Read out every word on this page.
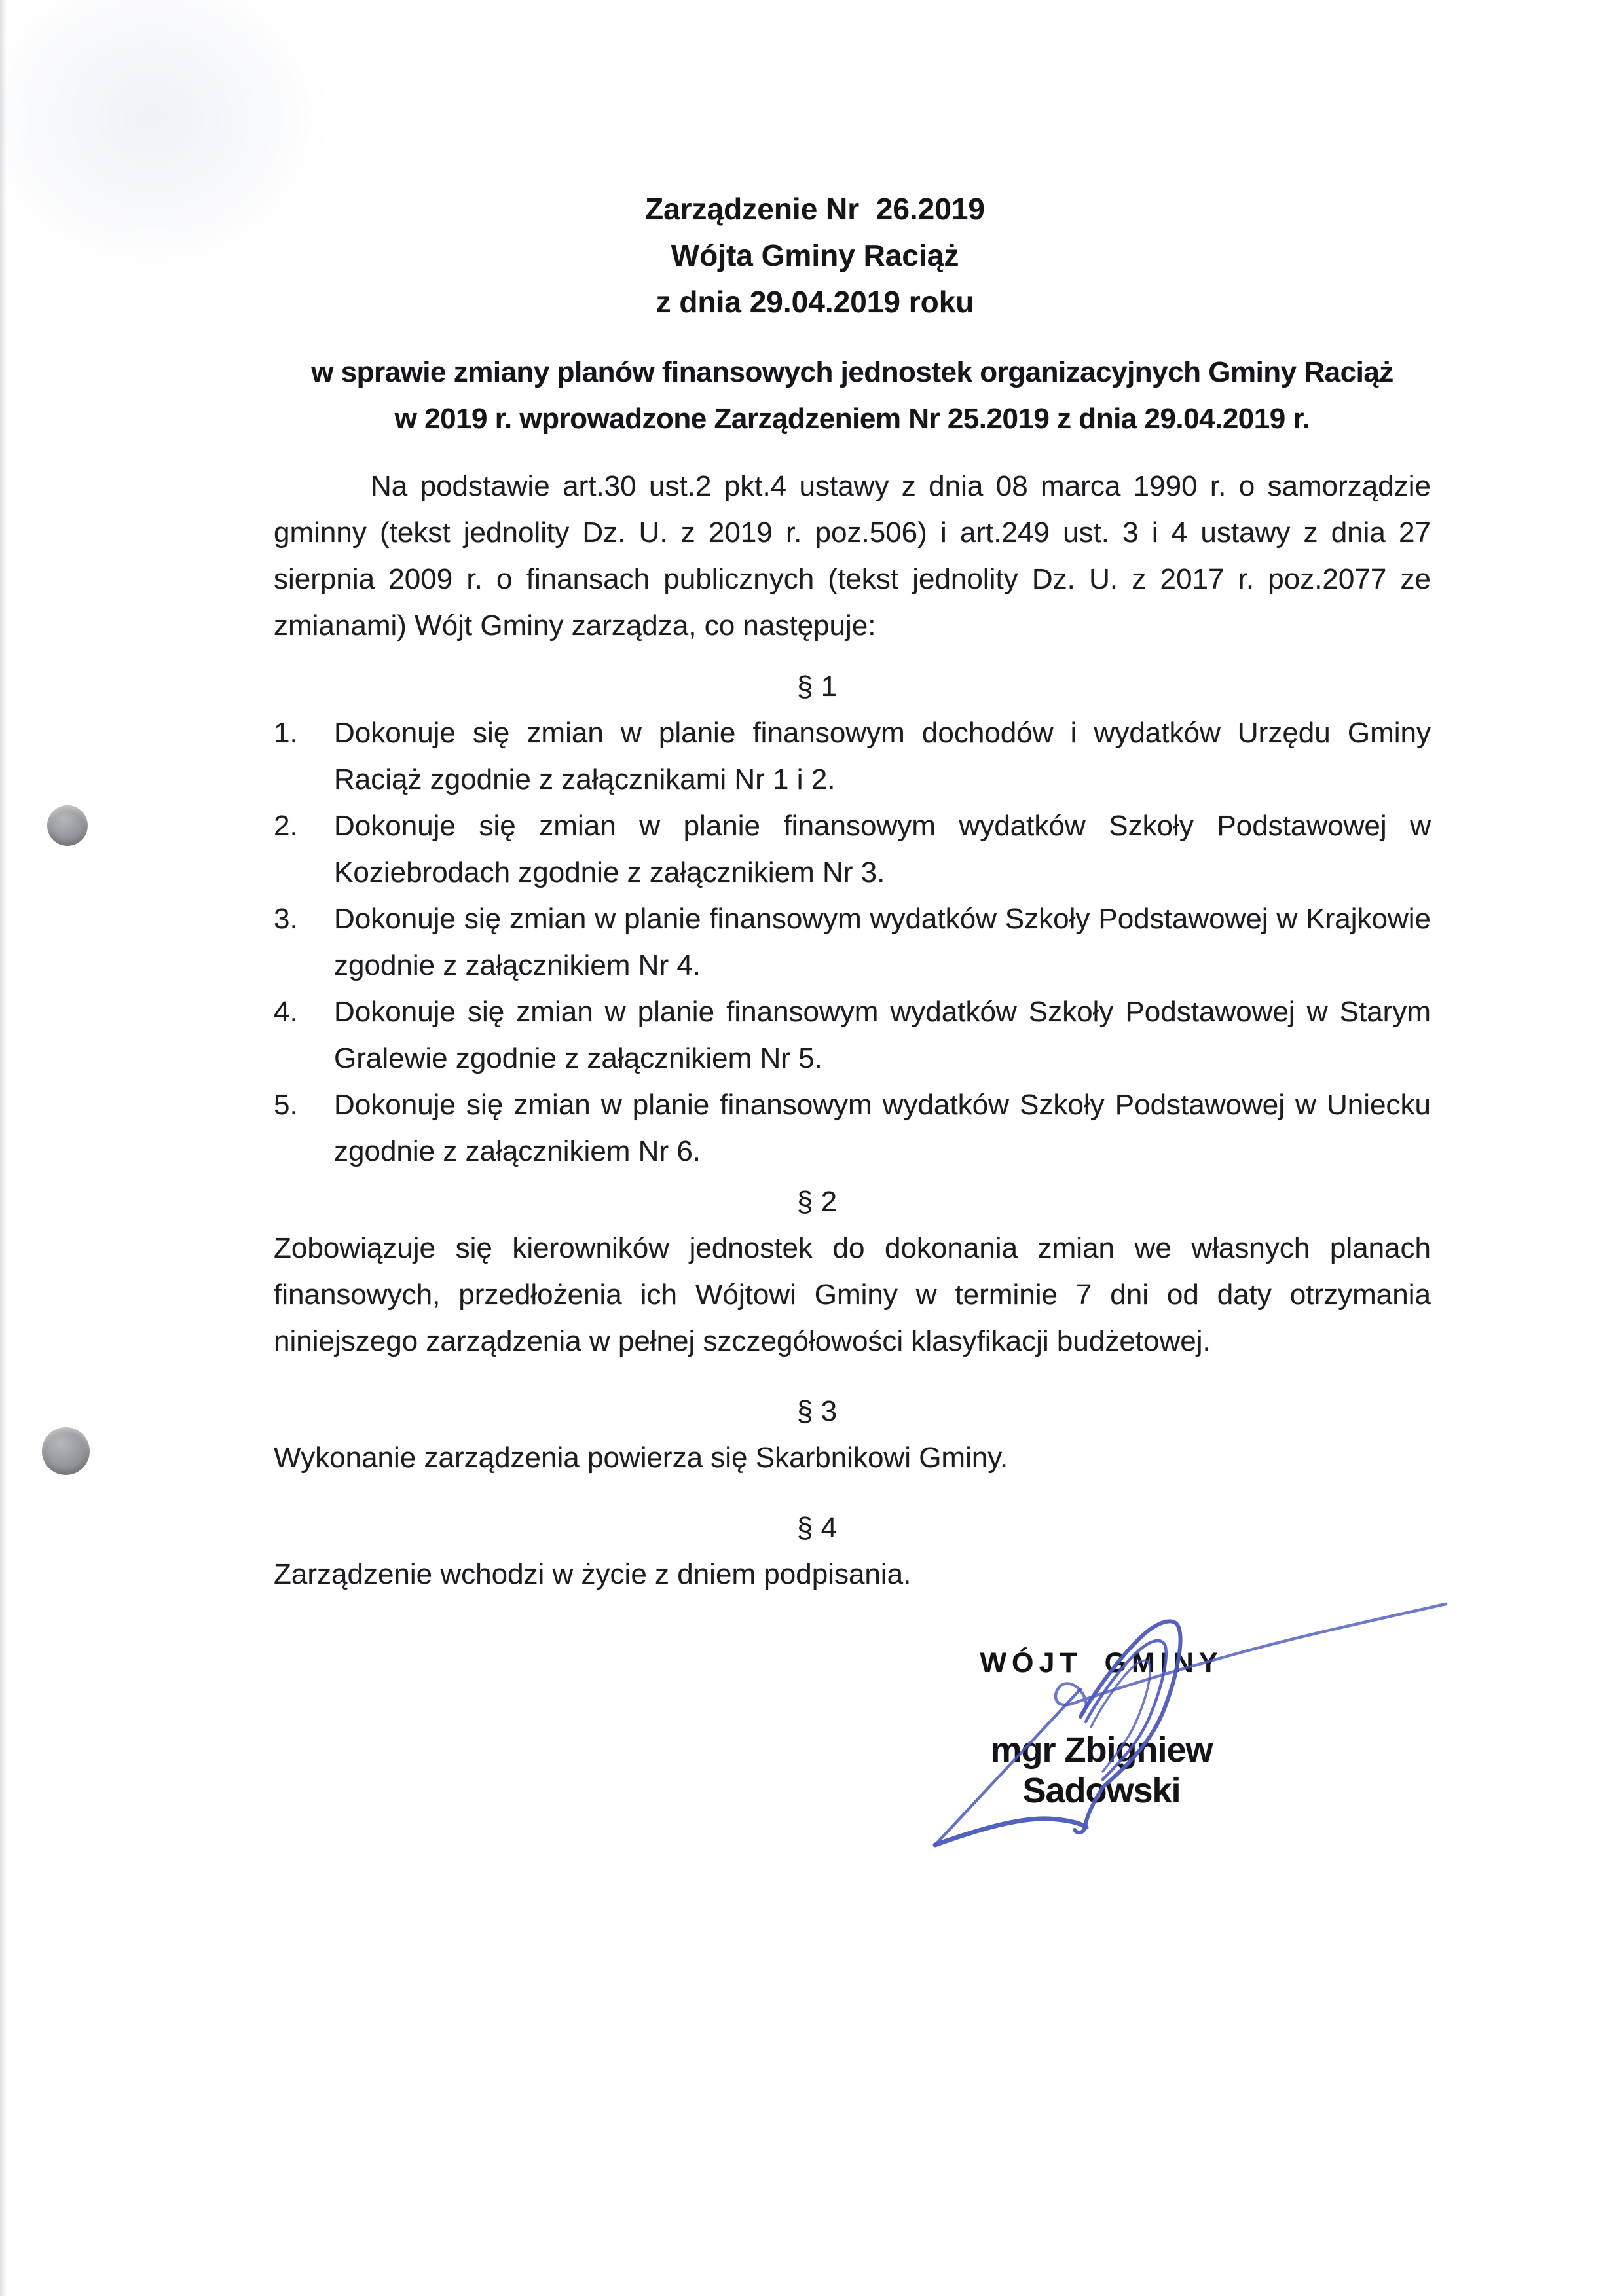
Zarządzenie Nr  26.2019
Wójta Gminy Raciąż
z dnia 29.04.2019 roku
w sprawie zmiany planów finansowych jednostek organizacyjnych Gminy Raciąż
w 2019 r. wprowadzone Zarządzeniem Nr 25.2019 z dnia 29.04.2019 r.
Na podstawie art.30 ust.2 pkt.4 ustawy z dnia 08 marca 1990 r. o samorządzie gminny (tekst jednolity Dz. U. z 2019 r. poz.506) i art.249 ust. 3 i 4 ustawy z dnia 27 sierpnia 2009 r. o finansach publicznych (tekst jednolity Dz. U. z 2017 r. poz.2077 ze zmianami) Wójt Gminy zarządza, co następuje:
§ 1
1. Dokonuje się zmian w planie finansowym dochodów i wydatków Urzędu Gminy Raciąż zgodnie z załącznikami Nr 1 i 2.
2. Dokonuje się zmian w planie finansowym wydatków Szkoły Podstawowej w Koziebrodach zgodnie z załącznikiem Nr 3.
3. Dokonuje się zmian w planie finansowym wydatków Szkoły Podstawowej w Krajkowie zgodnie z załącznikiem Nr 4.
4. Dokonuje się zmian w planie finansowym wydatków Szkoły Podstawowej w Starym Gralewie zgodnie z załącznikiem Nr 5.
5. Dokonuje się zmian w planie finansowym wydatków Szkoły Podstawowej w Uniecku zgodnie z załącznikiem Nr 6.
§ 2
Zobowiązuje się kierowników jednostek do dokonania zmian we własnych planach finansowych, przedłożenia ich Wójtowi Gminy w terminie 7 dni od daty otrzymania niniejszego zarządzenia w pełnej szczegółowości klasyfikacji budżetowej.
§ 3
Wykonanie zarządzenia powierza się Skarbnikowi Gminy.
§ 4
Zarządzenie wchodzi w życie z dniem podpisania.
WÓJT GMINY
mgr Zbigniew Sadowski
